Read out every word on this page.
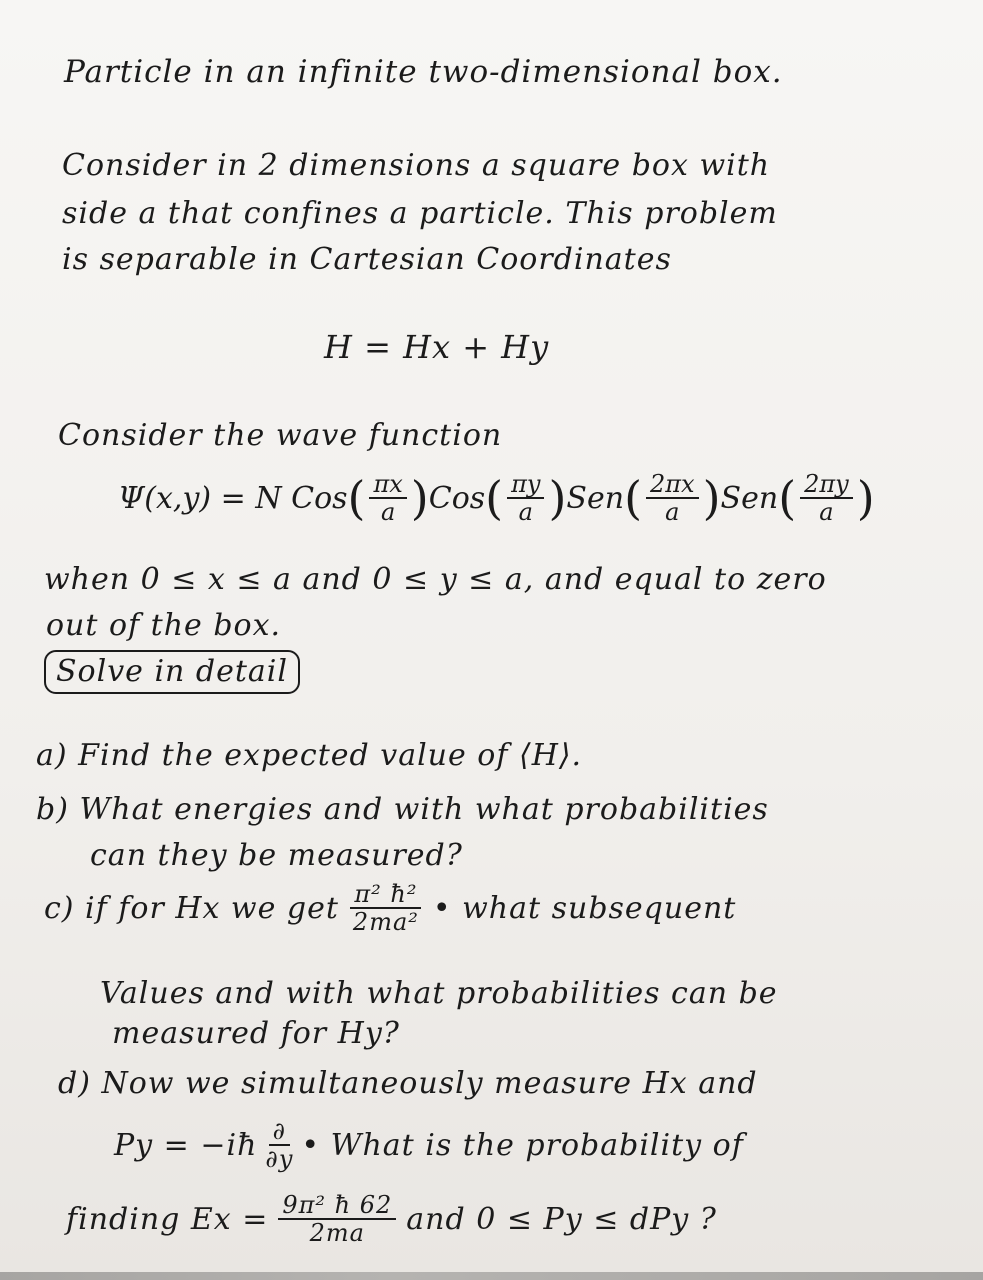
Particle in an infinite two-dimensional box.
Consider in 2 dimensions a square box with
side a that confines a particle. This problem
is separable in Cartesian Coordinates
H = Hx + Hy
Consider the wave function
Ψ(x,y) = N Cos ( $\frac{\pi x}{a}$ ) Cos ( $\frac{\pi y}{a}$ ) Sen ( $\frac{2\pi x}{a}$ ) Sen ( $\frac{2\pi y}{a}$ )
when 0 ≤ x ≤ a and 0 ≤ y ≤ a, and equal to zero
out of the box.
Solve in detail
a) Find the expected value of ⟨H⟩.
b) What energies and with what probabilities
can they be measured?
c) if for Hx we get $\frac{\text{π² ħ²}}{\text{2ma²}}$ • what subsequent
Values and with what probabilities can be
measured for Hy?
d) Now we simultaneously measure Hx and
Py = −iħ $\frac{\partial}{\partial y}$ • What is the probability of
finding $Ex = \frac{\text{9π² ħ 62}}{2ma}$ and 0 ≤ Py ≤ dPy ?
